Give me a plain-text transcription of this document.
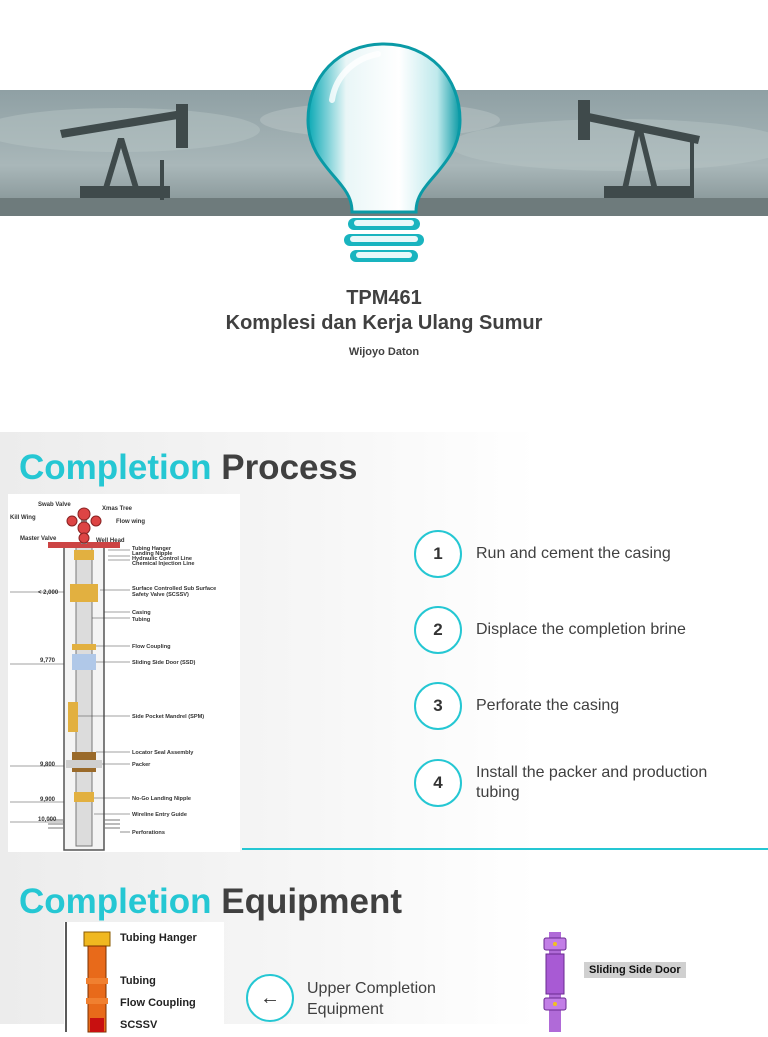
TPM461
Komplesi dan Kerja Ulang Sumur
Wijoyo Daton
Completion Process
Swab Valve
Xmas Tree
Kill Wing
Flow wing
Master Valve	Well Head
Tubing Hanger
Landing Nipple
Hydraulic Control Line
Chemical Injection Line
< 2,000
Surface Controlled Sub Surface
Safety Valve (SCSSV)
Casing
Tubing
Flow Coupling
9,770	Sliding Side Door (SSD)
Side Pocket Mandrel (SPM)
Locator Seal Assembly
9,800	Packer
9,900	No-Go Landing Nipple
Wireline Entry Guide
10,000
Perforations
1	Run and cement the casing
2	Displace the completion brine
3	Perforate the casing
4
Install the packer and production tubing
Completion Equipment
Tubing Hanger
Tubing
Flow Coupling
SCSSV
←	Upper Completion Equipment
Sliding Side Door
